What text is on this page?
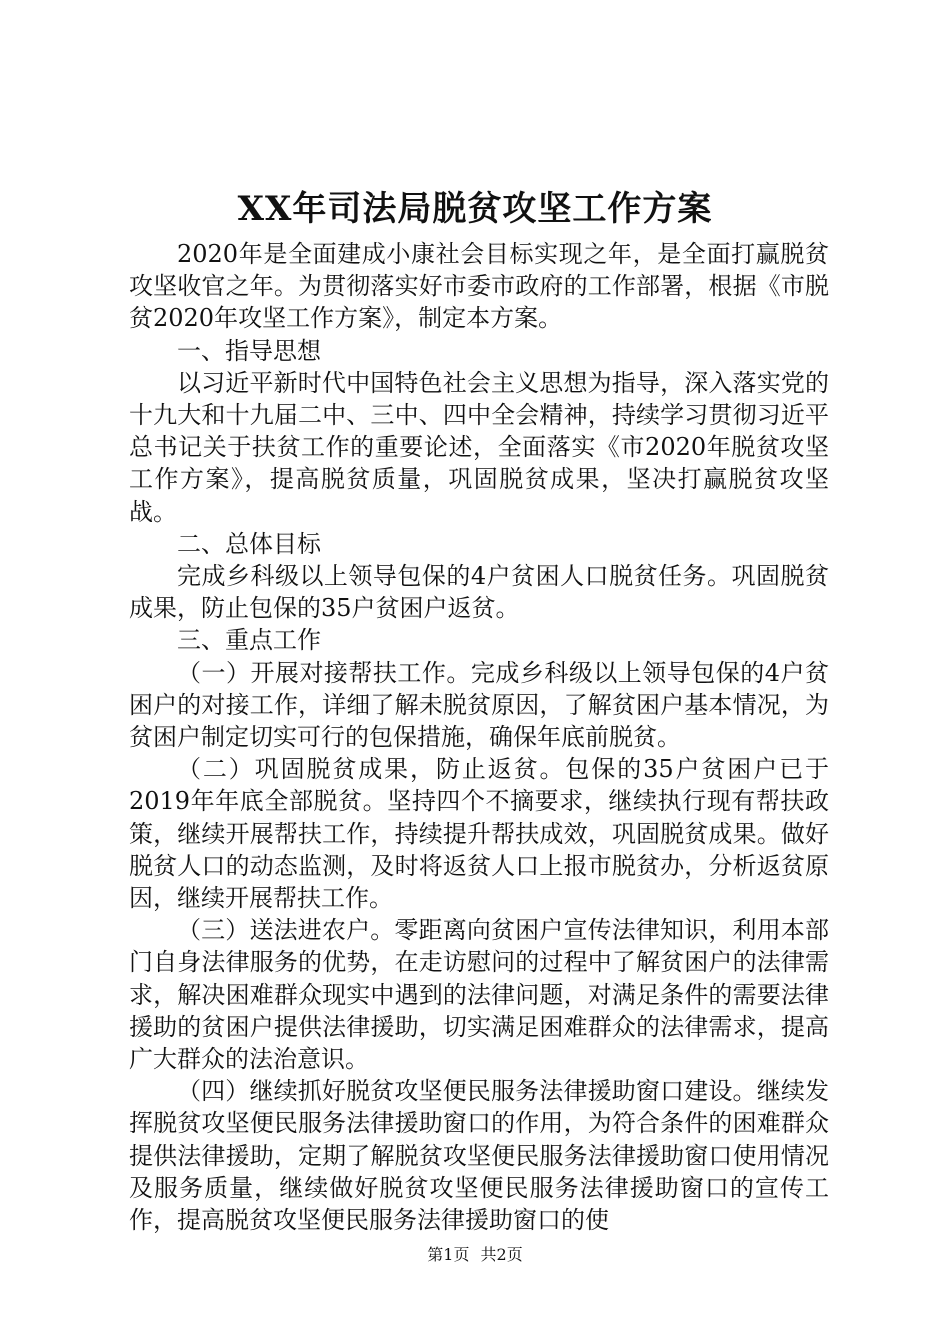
XX年司法局脱贫攻坚工作方案

2020年是全面建成小康社会目标实现之年，是全面打赢脱贫攻坚收官之年。为贯彻落实好市委市政府的工作部署，根据《市脱贫2020年攻坚工作方案》，制定本方案。

一、指导思想

以习近平新时代中国特色社会主义思想为指导，深入落实党的十九大和十九届二中、三中、四中全会精神，持续学习贯彻习近平总书记关于扶贫工作的重要论述，全面落实《市2020年脱贫攻坚工作方案》，提高脱贫质量，巩固脱贫成果，坚决打赢脱贫攻坚战。

二、总体目标

完成乡科级以上领导包保的4户贫困人口脱贫任务。巩固脱贫成果，防止包保的35户贫困户返贫。

三、重点工作

（一）开展对接帮扶工作。完成乡科级以上领导包保的4户贫困户的对接工作，详细了解未脱贫原因，了解贫困户基本情况，为贫困户制定切实可行的包保措施，确保年底前脱贫。

（二）巩固脱贫成果，防止返贫。包保的35户贫困户已于2019年年底全部脱贫。坚持四个不摘要求，继续执行现有帮扶政策，继续开展帮扶工作，持续提升帮扶成效，巩固脱贫成果。做好脱贫人口的动态监测，及时将返贫人口上报市脱贫办，分析返贫原因，继续开展帮扶工作。

（三）送法进农户。零距离向贫困户宣传法律知识，利用本部门自身法律服务的优势，在走访慰问的过程中了解贫困户的法律需求，解决困难群众现实中遇到的法律问题，对满足条件的需要法律援助的贫困户提供法律援助，切实满足困难群众的法律需求，提高广大群众的法治意识。

（四）继续抓好脱贫攻坚便民服务法律援助窗口建设。继续发挥脱贫攻坚便民服务法律援助窗口的作用，为符合条件的困难群众提供法律援助，定期了解脱贫攻坚便民服务法律援助窗口使用情况及服务质量，继续做好脱贫攻坚便民服务法律援助窗口的宣传工作，提高脱贫攻坚便民服务法律援助窗口的使

第1页 共2页
